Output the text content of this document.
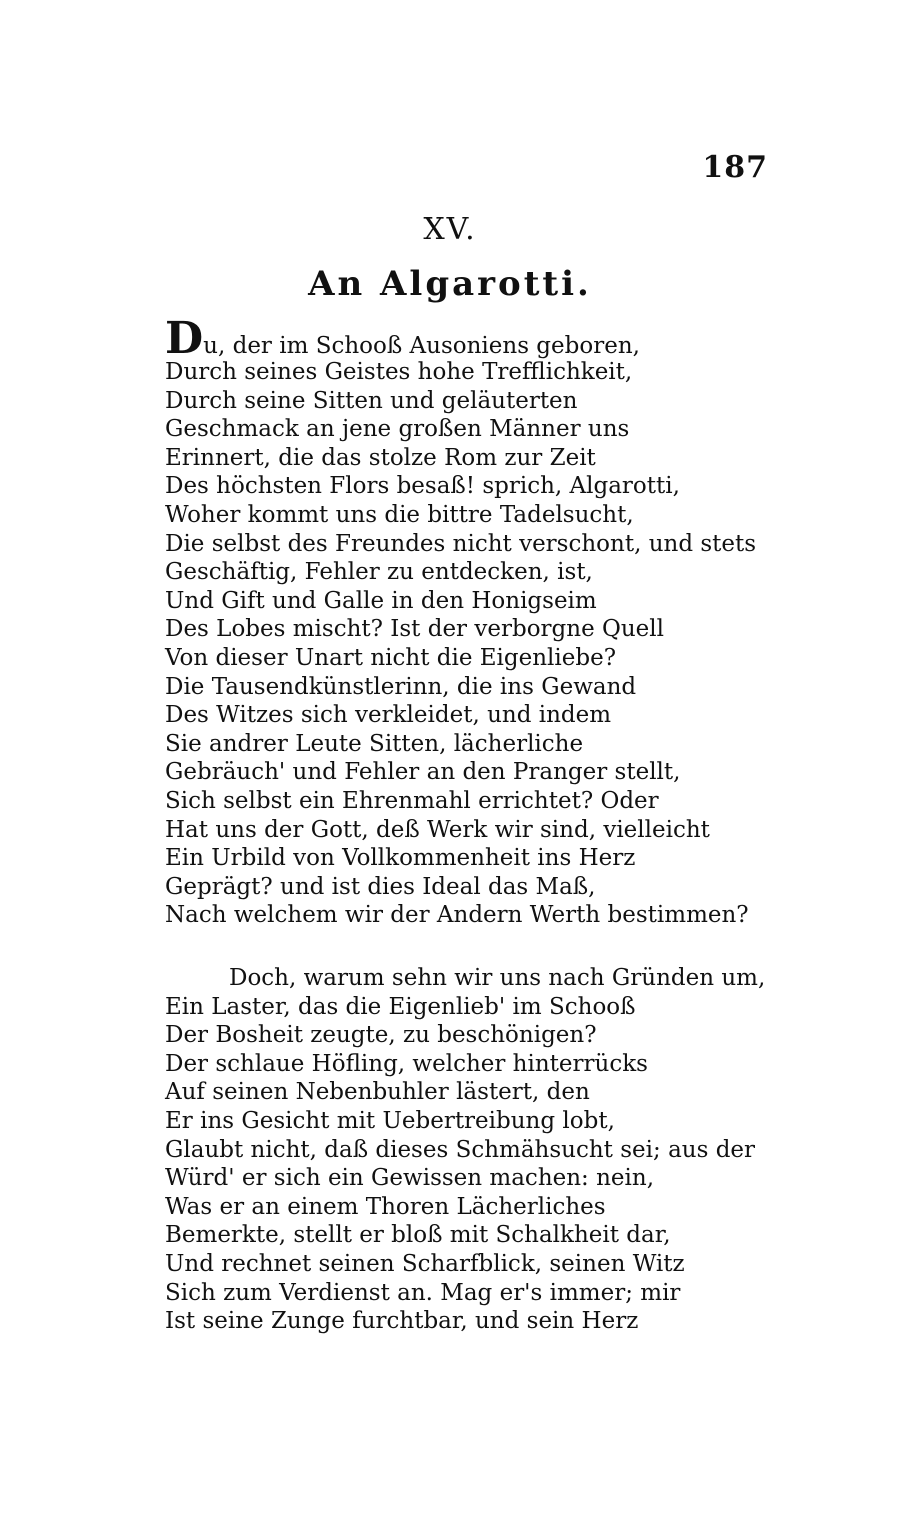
187
XV.
An Algarotti.
Du, der im Schooß Ausoniens geboren,
Durch seines Geistes hohe Trefflichkeit,
Durch seine Sitten und geläuterten
Geschmack an jene großen Männer uns
Erinnert, die das stolze Rom zur Zeit
Des höchsten Flors besaß! sprich, Algarotti,
Woher kommt uns die bittre Tadelsucht,
Die selbst des Freundes nicht verschont, und stets
Geschäftig, Fehler zu entdecken, ist,
Und Gift und Galle in den Honigseim
Des Lobes mischt? Ist der verborgne Quell
Von dieser Unart nicht die Eigenliebe?
Die Tausendkünstlerinn, die ins Gewand
Des Witzes sich verkleidet, und indem
Sie andrer Leute Sitten, lächerliche
Gebräuch' und Fehler an den Pranger stellt,
Sich selbst ein Ehrenmahl errichtet? Oder
Hat uns der Gott, deß Werk wir sind, vielleicht
Ein Urbild von Vollkommenheit ins Herz
Geprägt? und ist dies Ideal das Maß,
Nach welchem wir der Andern Werth bestimmen?
Doch, warum sehn wir uns nach Gründen um,
Ein Laster, das die Eigenlieb' im Schooß
Der Bosheit zeugte, zu beschönigen?
Der schlaue Höfling, welcher hinterrücks
Auf seinen Nebenbuhler lästert, den
Er ins Gesicht mit Uebertreibung lobt,
Glaubt nicht, daß dieses Schmähsucht sei; aus der
Würd' er sich ein Gewissen machen: nein,
Was er an einem Thoren Lächerliches
Bemerkte, stellt er bloß mit Schalkheit dar,
Und rechnet seinen Scharfblick, seinen Witz
Sich zum Verdienst an. Mag er's immer; mir
Ist seine Zunge furchtbar, und sein Herz
